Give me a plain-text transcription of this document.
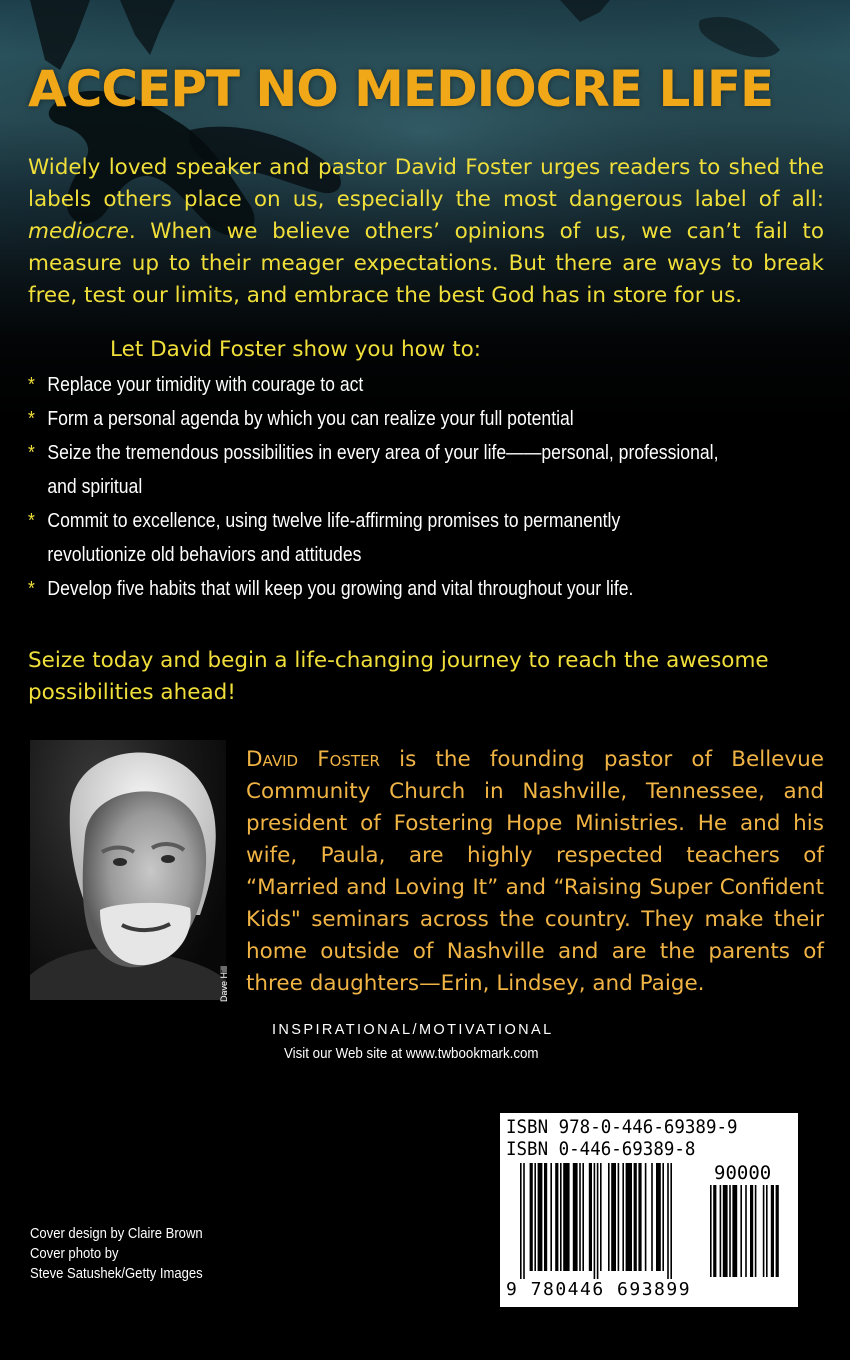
ACCEPT NO MEDIOCRE LIFE

Widely loved speaker and pastor David Foster urges readers to shed the labels others place on us, especially the most dangerous label of all: mediocre. When we believe others’ opinions of us, we can’t fail to measure up to their meager expectations. But there are ways to break free, test our limits, and embrace the best God has in store for us.

Let David Foster show you how to:

* Replace your timidity with courage to act
* Form a personal agenda by which you can realize your full potential
* Seize the tremendous possibilities in every area of your life——personal, professional, and spiritual
* Commit to excellence, using twelve life-affirming promises to permanently revolutionize old behaviors and attitudes
* Develop five habits that will keep you growing and vital throughout your life.

Seize today and begin a life-changing journey to reach the awesome possibilities ahead!

Dave Hill

David Foster is the founding pastor of Bellevue Community Church in Nashville, Tennessee, and president of Fostering Hope Ministries. He and his wife, Paula, are highly respected teachers of “Married and Loving It” and “Raising Super Confident Kids" seminars across the country. They make their home outside of Nashville and are the parents of three daughters—Erin, Lindsey, and Paige.

INSPIRATIONAL/MOTIVATIONAL

Visit our Web site at www.twbookmark.com

Cover design by Claire Brown
Cover photo by
Steve Satushek/Getty Images

ISBN 978-0-446-69389-9

ISBN 0-446-69389-8

90000

9 780446 693899
